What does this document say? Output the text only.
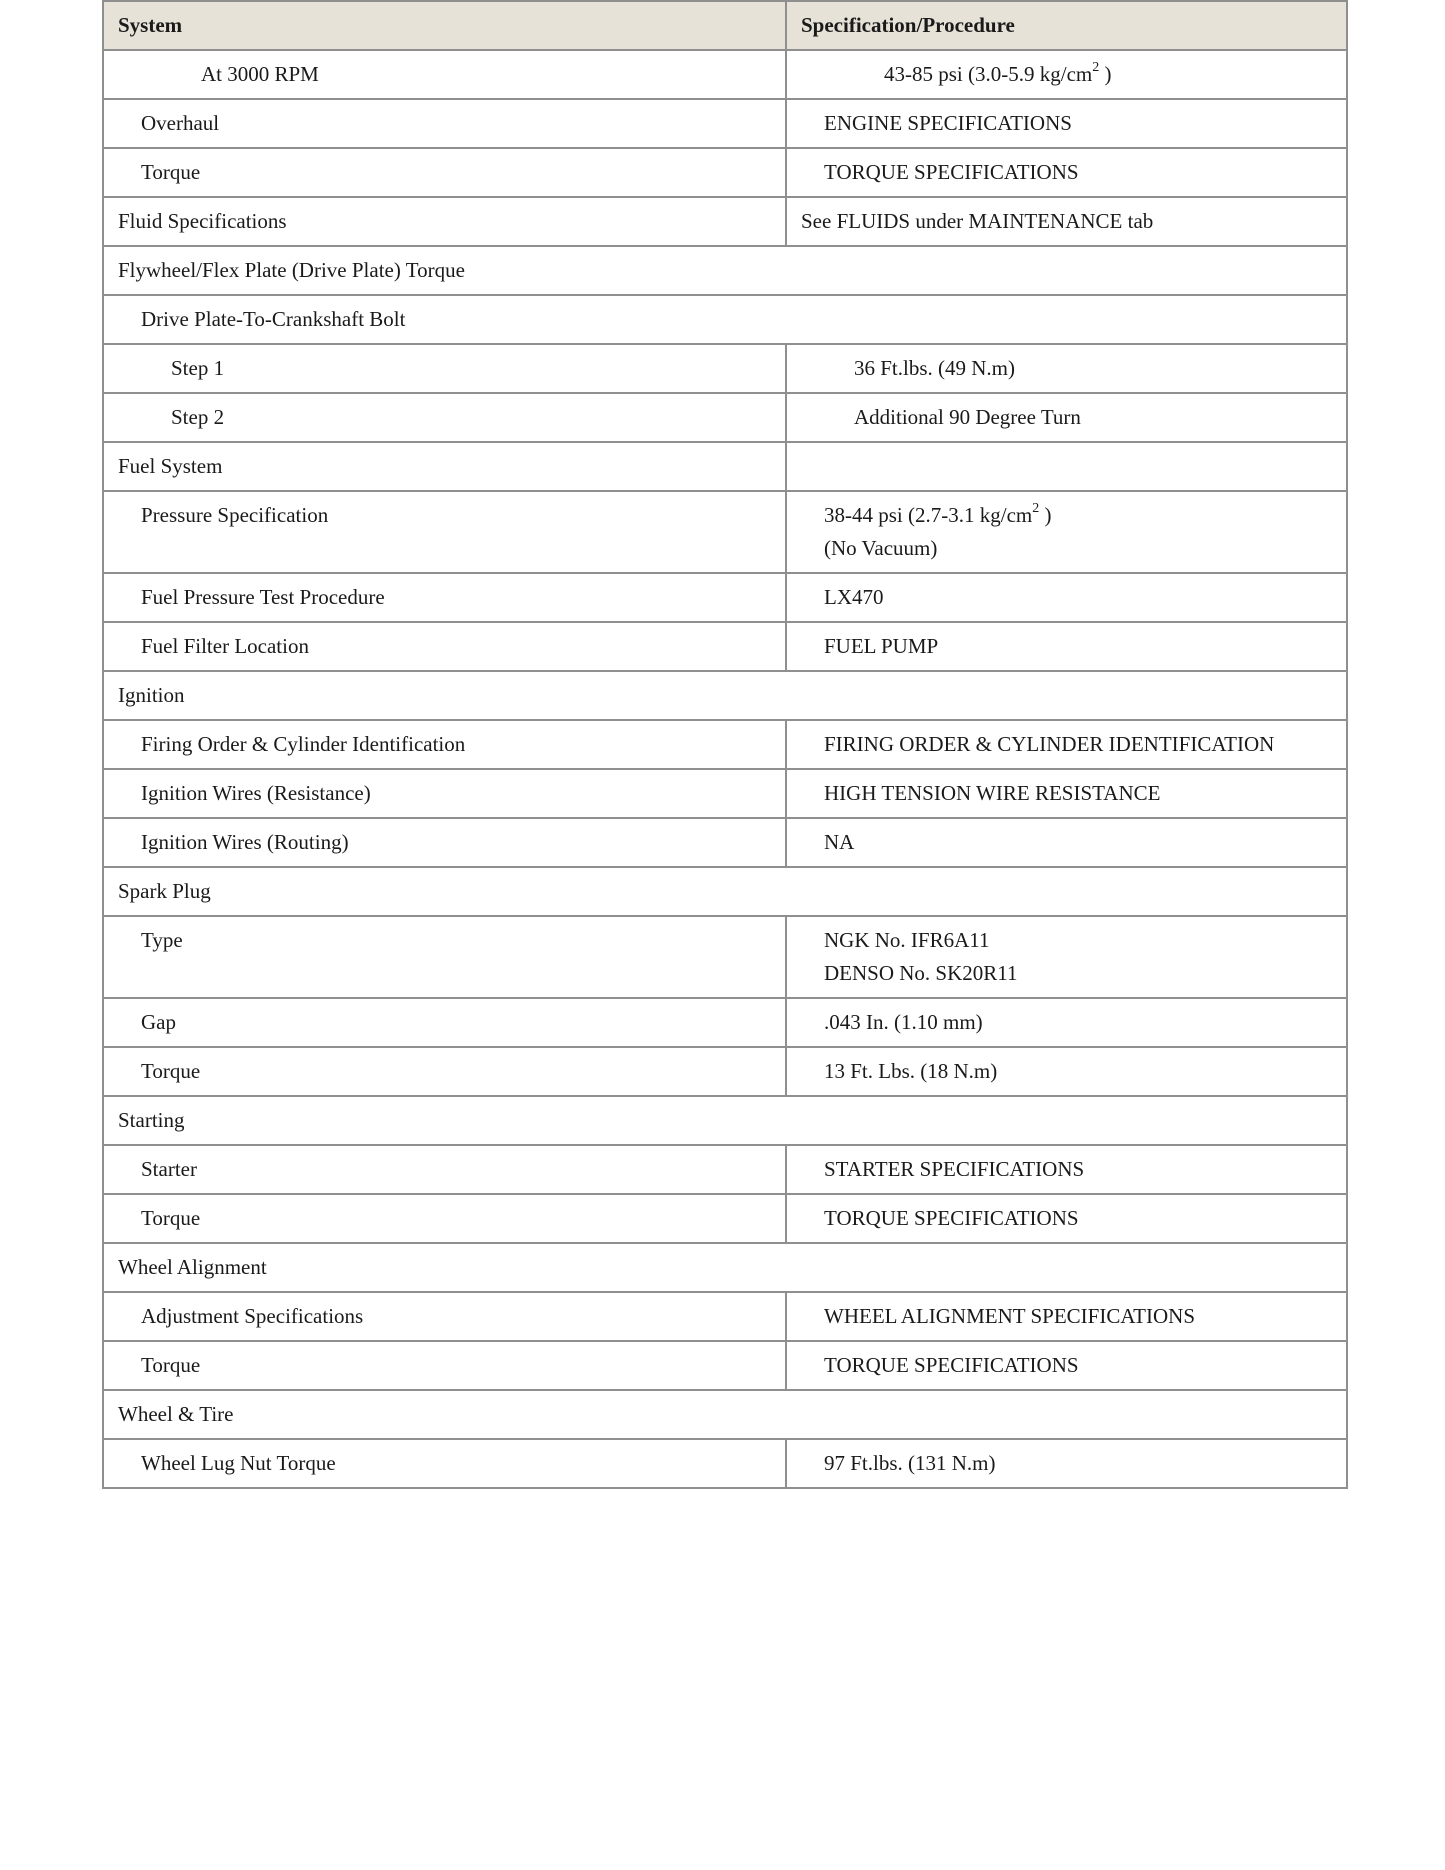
System	Specification/Procedure
At 3000 RPM	43-85 psi (3.0-5.9 $kg/cm^2$ )
Overhaul	ENGINE SPECIFICATIONS
Torque	TORQUE SPECIFICATIONS
Fluid Specifications	See FLUIDS under MAINTENANCE tab
Flywheel/Flex Plate (Drive Plate) Torque	
Drive Plate-To-Crankshaft Bolt	
Step 1	36 Ft.lbs. (49 N.m)
Step 2	Additional 90 Degree Turn
Fuel System	
Pressure Specification	38-44 psi (2.7-3.1 $kg/cm^2$ )
(No Vacuum)

Fuel Pressure Test Procedure	LX470
Fuel Filter Location	FUEL PUMP
Ignition	
Firing Order & Cylinder Identification	FIRING ORDER & CYLINDER IDENTIFICATION
Ignition Wires (Resistance)	HIGH TENSION WIRE RESISTANCE
Ignition Wires (Routing)	NA
Spark Plug	
Type	NGK No. IFR6A11
DENSO No. SK20R11

Gap	.043 In. (1.10 mm)
Torque	13 Ft. Lbs. (18 N.m)
Starting	
Starter	STARTER SPECIFICATIONS
Torque	TORQUE SPECIFICATIONS
Wheel Alignment	
Adjustment Specifications	WHEEL ALIGNMENT SPECIFICATIONS
Torque	TORQUE SPECIFICATIONS
Wheel & Tire	
Wheel Lug Nut Torque	97 Ft.lbs. (131 N.m)
